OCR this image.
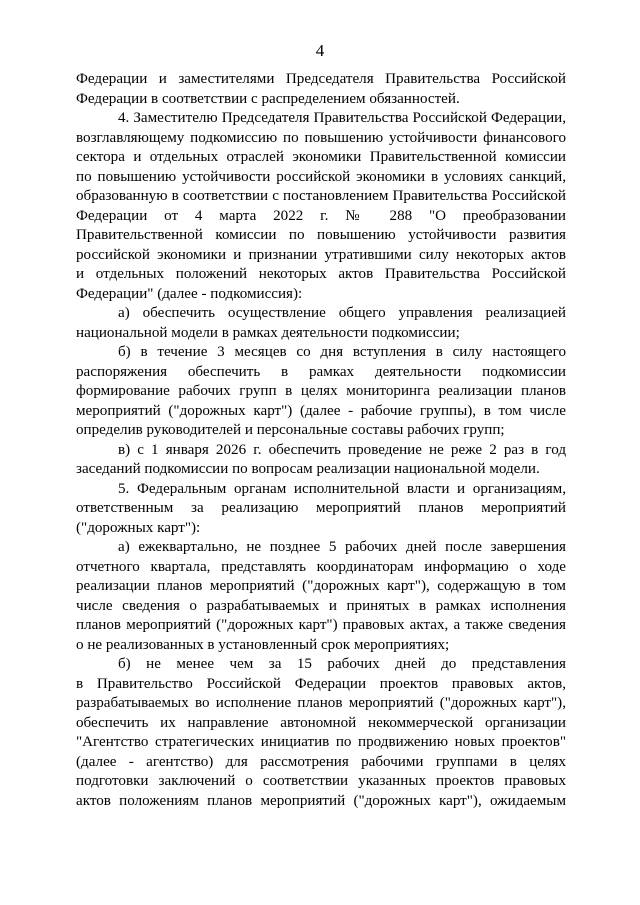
4
Федерации и заместителями Председателя Правительства Российской
Федерации в соответствии с распределением обязанностей.
4. Заместителю Председателя Правительства Российской Федерации,
возглавляющему подкомиссию по повышению устойчивости финансового
сектора и отдельных отраслей экономики Правительственной комиссии
по повышению устойчивости российской экономики в условиях санкций,
образованную в соответствии с постановлением Правительства Российской
Федерации от 4 марта 2022 г. № 288 "О преобразовании
Правительственной комиссии по повышению устойчивости развития
российской экономики и признании утратившими силу некоторых актов
и отдельных положений некоторых актов Правительства Российской
Федерации" (далее - подкомиссия):
а) обеспечить осуществление общего управления реализацией
национальной модели в рамках деятельности подкомиссии;
б) в течение 3 месяцев со дня вступления в силу настоящего
распоряжения обеспечить в рамках деятельности подкомиссии
формирование рабочих групп в целях мониторинга реализации планов
мероприятий ("дорожных карт") (далее - рабочие группы), в том числе
определив руководителей и персональные составы рабочих групп;
в) с 1 января 2026 г. обеспечить проведение не реже 2 раз в год
заседаний подкомиссии по вопросам реализации национальной модели.
5. Федеральным органам исполнительной власти и организациям,
ответственным за реализацию мероприятий планов мероприятий
("дорожных карт"):
а) ежеквартально, не позднее 5 рабочих дней после завершения
отчетного квартала, представлять координаторам информацию о ходе
реализации планов мероприятий ("дорожных карт"), содержащую в том
числе сведения о разрабатываемых и принятых в рамках исполнения
планов мероприятий ("дорожных карт") правовых актах, а также сведения
о не реализованных в установленный срок мероприятиях;
б) не менее чем за 15 рабочих дней до представления
в Правительство Российской Федерации проектов правовых актов,
разрабатываемых во исполнение планов мероприятий ("дорожных карт"),
обеспечить их направление автономной некоммерческой организации
"Агентство стратегических инициатив по продвижению новых проектов"
(далее - агентство) для рассмотрения рабочими группами в целях
подготовки заключений о соответствии указанных проектов правовых
актов положениям планов мероприятий ("дорожных карт"), ожидаемым
